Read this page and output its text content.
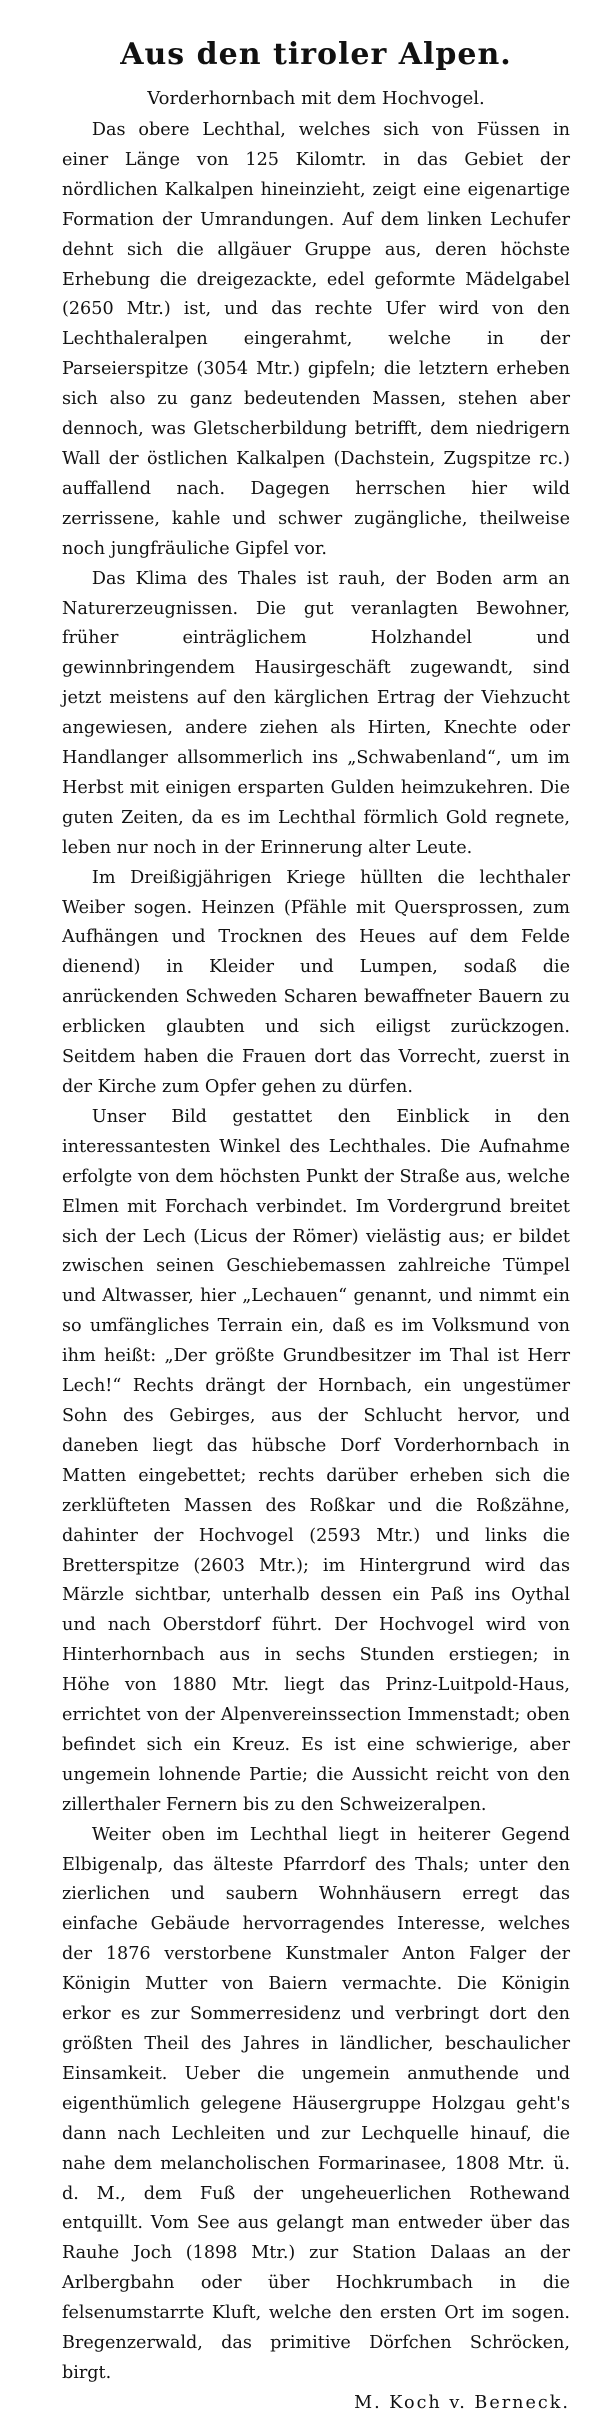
Aus den tiroler Alpen.
Vorderhornbach mit dem Hochvogel.

Das obere Lechthal, welches sich von Füssen in einer Länge von 125 Kilomtr. in das Gebiet der nördlichen Kalkalpen hineinzieht, zeigt eine eigenartige Formation der Umrandungen. Auf dem linken Lechufer dehnt sich die allgäuer Gruppe aus, deren höchste Erhebung die dreigezackte, edel geformte Mädelgabel (2650 Mtr.) ist, und das rechte Ufer wird von den Lechthaleralpen eingerahmt, welche in der Parseierspitze (3054 Mtr.) gipfeln; die letztern erheben sich also zu ganz bedeutenden Massen, stehen aber dennoch, was Gletscherbildung betrifft, dem niedrigern Wall der östlichen Kalkalpen (Dachstein, Zugspitze rc.) auffallend nach. Dagegen herrschen hier wild zerrissene, kahle und schwer zugängliche, theilweise noch jungfräuliche Gipfel vor.

Das Klima des Thales ist rauh, der Boden arm an Naturerzeugnissen. Die gut veranlagten Bewohner, früher einträglichem Holzhandel und gewinnbringendem Hausirgeschäft zugewandt, sind jetzt meistens auf den kärglichen Ertrag der Viehzucht angewiesen, andere ziehen als Hirten, Knechte oder Handlanger allsommerlich ins „Schwabenland“, um im Herbst mit einigen ersparten Gulden heimzukehren. Die guten Zeiten, da es im Lechthal förmlich Gold regnete, leben nur noch in der Erinnerung alter Leute.

Im Dreißigjährigen Kriege hüllten die lechthaler Weiber sogen. Heinzen (Pfähle mit Quersprossen, zum Aufhängen und Trocknen des Heues auf dem Felde dienend) in Kleider und Lumpen, sodaß die anrückenden Schweden Scharen bewaffneter Bauern zu erblicken glaubten und sich eiligst zurückzogen. Seitdem haben die Frauen dort das Vorrecht, zuerst in der Kirche zum Opfer gehen zu dürfen.

Unser Bild gestattet den Einblick in den interessantesten Winkel des Lechthales. Die Aufnahme erfolgte von dem höchsten Punkt der Straße aus, welche Elmen mit Forchach verbindet. Im Vordergrund breitet sich der Lech (Licus der Römer) vielästig aus; er bildet zwischen seinen Geschiebemassen zahlreiche Tümpel und Altwasser, hier „Lechauen“ genannt, und nimmt ein so umfängliches Terrain ein, daß es im Volksmund von ihm heißt: „Der größte Grundbesitzer im Thal ist Herr Lech!“ Rechts drängt der Hornbach, ein ungestümer Sohn des Gebirges, aus der Schlucht hervor, und daneben liegt das hübsche Dorf Vorderhornbach in Matten eingebettet; rechts darüber erheben sich die zerklüfteten Massen des Roßkar und die Roßzähne, dahinter der Hochvogel (2593 Mtr.) und links die Bretterspitze (2603 Mtr.); im Hintergrund wird das Märzle sichtbar, unterhalb dessen ein Paß ins Oythal und nach Oberstdorf führt. Der Hochvogel wird von Hinterhornbach aus in sechs Stunden erstiegen; in Höhe von 1880 Mtr. liegt das Prinz-Luitpold-Haus, errichtet von der Alpenvereinssection Immenstadt; oben befindet sich ein Kreuz. Es ist eine schwierige, aber ungemein lohnende Partie; die Aussicht reicht von den zillerthaler Fernern bis zu den Schweizeralpen.

Weiter oben im Lechthal liegt in heiterer Gegend Elbigenalp, das älteste Pfarrdorf des Thals; unter den zierlichen und saubern Wohnhäusern erregt das einfache Gebäude hervorragendes Interesse, welches der 1876 verstorbene Kunstmaler Anton Falger der Königin Mutter von Baiern vermachte. Die Königin erkor es zur Sommerresidenz und verbringt dort den größten Theil des Jahres in ländlicher, beschaulicher Einsamkeit. Ueber die ungemein anmuthende und eigenthümlich gelegene Häusergruppe Holzgau geht's dann nach Lechleiten und zur Lechquelle hinauf, die nahe dem melancholischen Formarinasee, 1808 Mtr. ü. d. M., dem Fuß der ungeheuerlichen Rothewand entquillt. Vom See aus gelangt man entweder über das Rauhe Joch (1898 Mtr.) zur Station Dalaas an der Arlbergbahn oder über Hochkrumbach in die felsenumstarrte Kluft, welche den ersten Ort im sogen. Bregenzerwald, das primitive Dörfchen Schröcken, birgt.

M. Koch v. Berneck.
